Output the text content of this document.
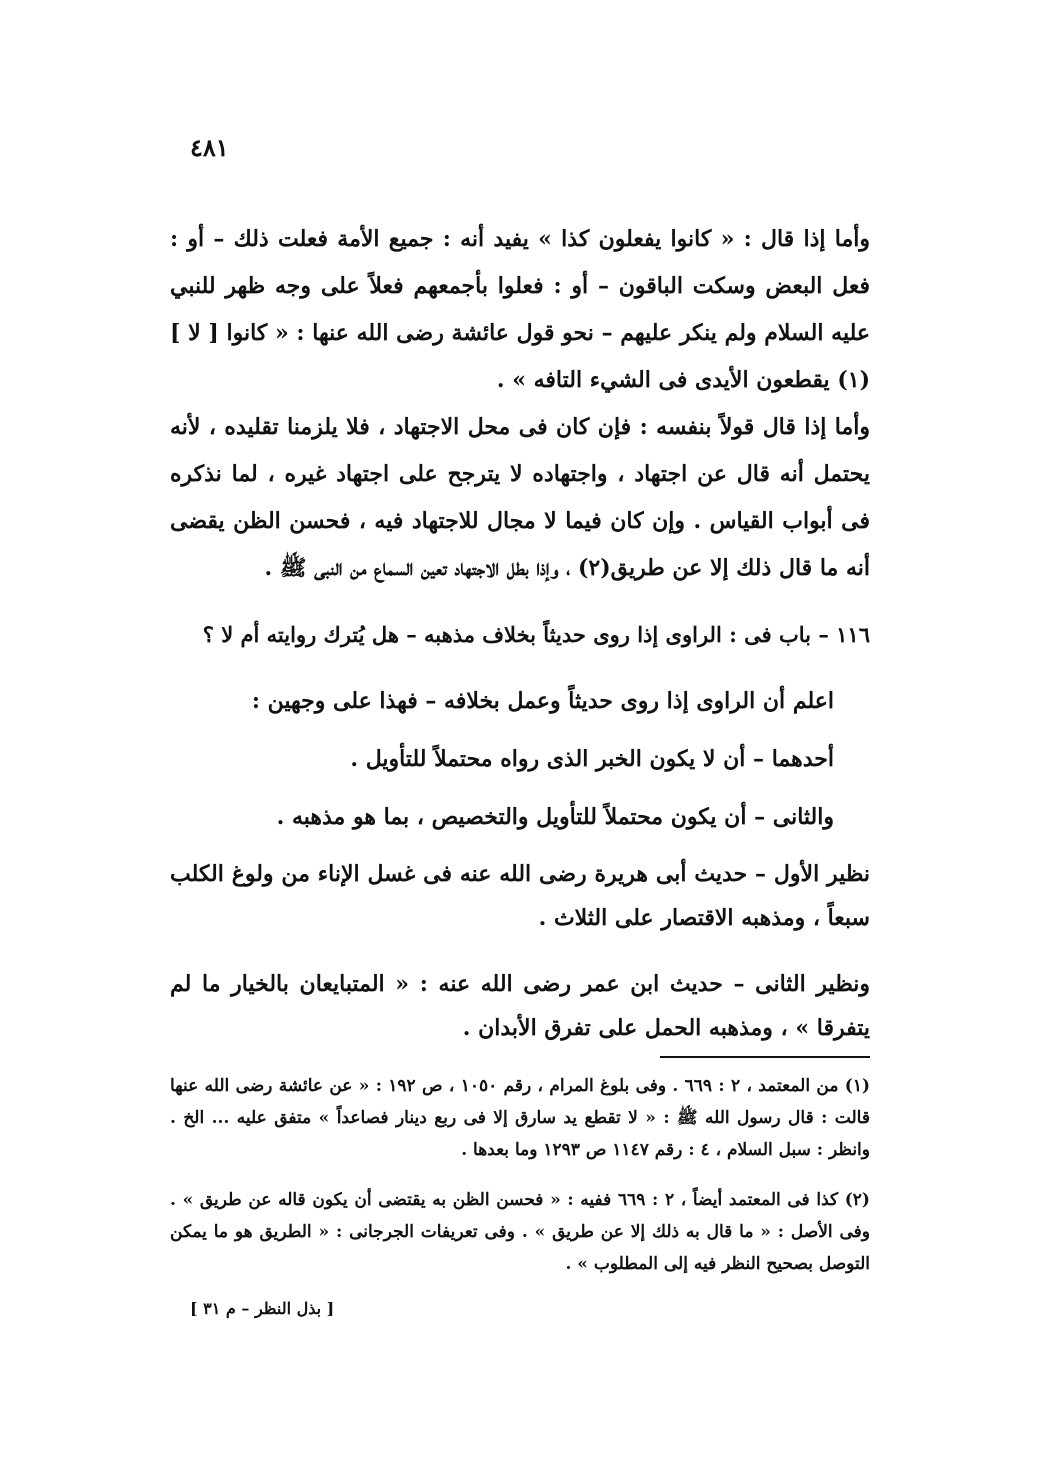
٤٨١

وأما إذا قال : « كانوا يفعلون كذا » يفيد أنه : جميع الأمة فعلت ذلك – أو : فعل البعض وسكت الباقون – أو : فعلوا بأجمعهم فعلاً على وجه ظهر للنبي عليه السلام ولم ينكر عليهم – نحو قول عائشة رضى الله عنها : « كانوا [ لا ](١) يقطعون الأيدى فى الشيء التافه » .

وأما إذا قال قولاً بنفسه : فإن كان فى محل الاجتهاد ، فلا يلزمنا تقليده ، لأنه يحتمل أنه قال عن اجتهاد ، واجتهاده لا يترجح على اجتهاد غيره ، لما نذكره فى أبواب القياس . وإن كان فيما لا مجال للاجتهاد فيه ، فحسن الظن يقضى أنه ما قال ذلك إلا عن طريق(٢) ، وإذا بطل الاجتهاد تعين السماع من النبى ﷺ .

١١٦ – باب فى : الراوى إذا روى حديثاً بخلاف مذهبه – هل يُترك روايته أم لا ؟

اعلم أن الراوى إذا روى حديثاً وعمل بخلافه – فهذا على وجهين :

أحدهما – أن لا يكون الخبر الذى رواه محتملاً للتأويل .

والثانى – أن يكون محتملاً للتأويل والتخصيص ، بما هو مذهبه .

نظير الأول – حديث أبى هريرة رضى الله عنه فى غسل الإناء من ولوغ الكلب سبعاً ، ومذهبه الاقتصار على الثلاث .

ونظير الثانى – حديث ابن عمر رضى الله عنه : « المتبايعان بالخيار ما لم يتفرقا » ، ومذهبه الحمل على تفرق الأبدان .

(١) من المعتمد ، ٢ : ٦٦٩ . وفى بلوغ المرام ، رقم ١٠٥٠ ، ص ١٩٢ : « عن عائشة رضى الله عنها قالت : قال رسول الله ﷺ : « لا تقطع يد سارق إلا فى ربع دينار فصاعداً » متفق عليه ... الخ . وانظر : سبل السلام ، ٤ : رقم ١١٤٧ ص ١٢٩٣ وما بعدها .

(٢) كذا فى المعتمد أيضاً ، ٢ : ٦٦٩ ففيه : « فحسن الظن به يقتضى أن يكون قاله عن طريق » . وفى الأصل : « ما قال به ذلك إلا عن طريق » . وفى تعريفات الجرجانى : « الطريق هو ما يمكن التوصل بصحيح النظر فيه إلى المطلوب » .

[ بذل النظر – م ٣١ ]
